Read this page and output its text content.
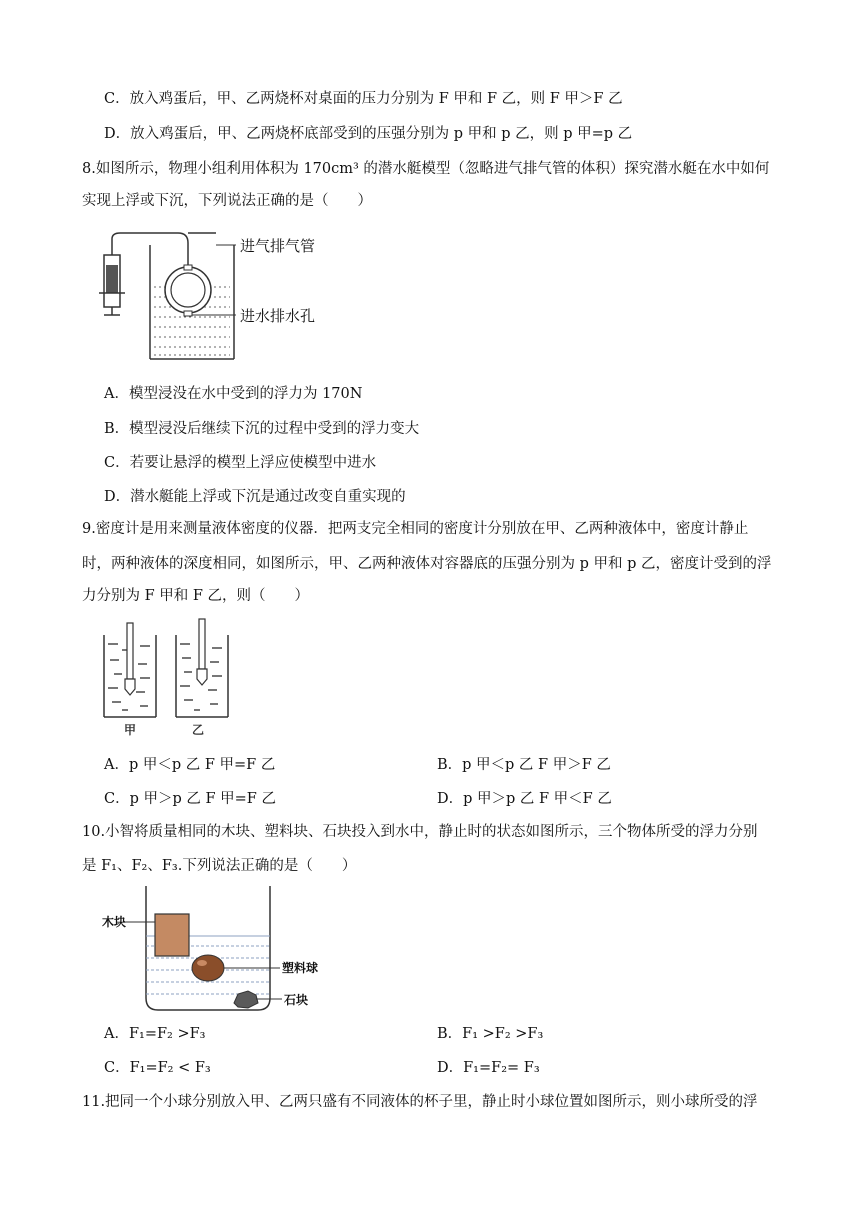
C．放入鸡蛋后，甲、乙两烧杯对桌面的压力分别为 F 甲和 F 乙，则 F 甲＞F 乙
D．放入鸡蛋后，甲、乙两烧杯底部受到的压强分别为 p 甲和 p 乙，则 p 甲=p 乙
8.如图所示，物理小组利用体积为 170cm³ 的潜水艇模型（忽略进气排气管的体积）探究潜水艇在水中如何
实现上浮或下沉，下列说法正确的是（　　）
进气排气管
进水排水孔
A．模型浸没在水中受到的浮力为 170N
B．模型浸没后继续下沉的过程中受到的浮力变大
C．若要让悬浮的模型上浮应使模型中进水
D．潜水艇能上浮或下沉是通过改变自重实现的
9.密度计是用来测量液体密度的仪器．把两支完全相同的密度计分别放在甲、乙两种液体中，密度计静止
时，两种液体的深度相同，如图所示，甲、乙两种液体对容器底的压强分别为 p 甲和 p 乙，密度计受到的浮
力分别为 F 甲和 F 乙，则（　　）
甲	乙
A．p 甲＜p 乙 F 甲=F 乙	B．p 甲＜p 乙 F 甲＞F 乙
C．p 甲＞p 乙 F 甲=F 乙	D．p 甲＞p 乙 F 甲＜F 乙
10.小智将质量相同的木块、塑料块、石块投入到水中，静止时的状态如图所示，三个物体所受的浮力分别
是 F₁、F₂、F₃.下列说法正确的是（　　）
木块
塑料球
石块
A．F₁=F₂ >F₃	B．F₁ >F₂ >F₃
C．F₁=F₂ < F₃	D．F₁=F₂= F₃
11.把同一个小球分别放入甲、乙两只盛有不同液体的杯子里，静止时小球位置如图所示，则小球所受的浮
